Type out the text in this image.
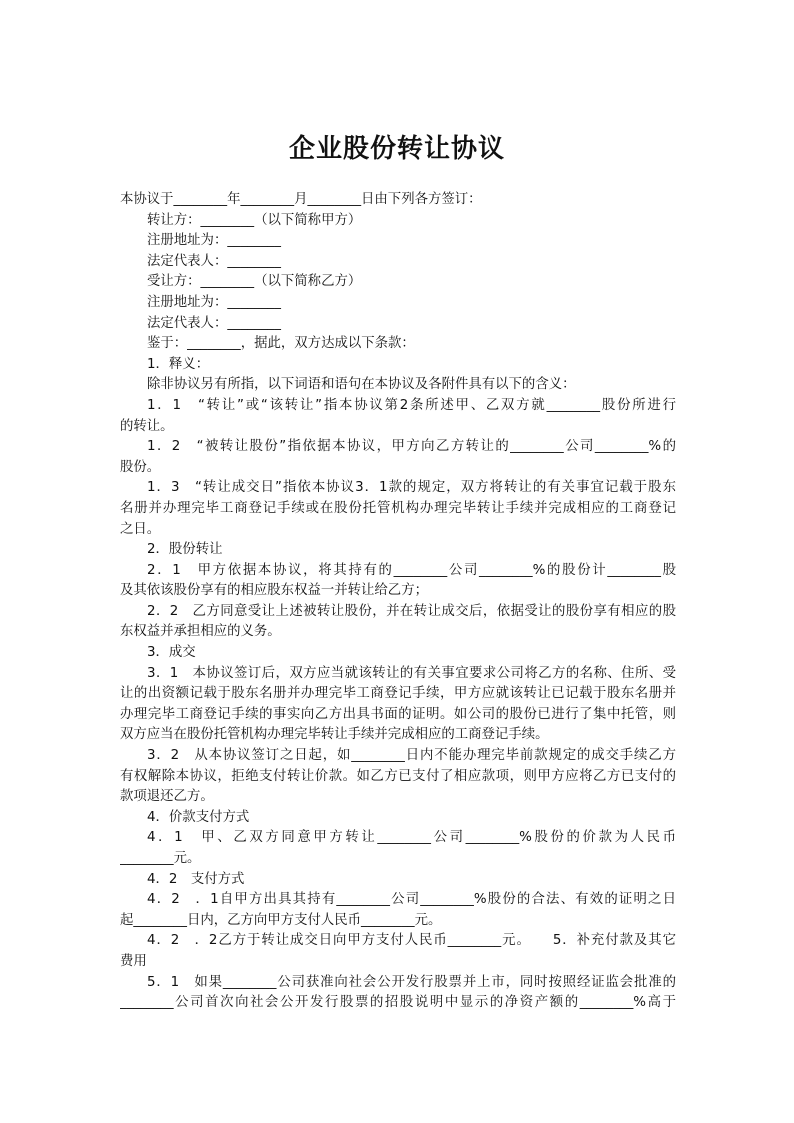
企业股份转让协议
本协议于________年________月________日由下列各方签订：
转让方：________（以下简称甲方）
注册地址为：________
法定代表人：________
受让方：________（以下简称乙方）
注册地址为：________
法定代表人：________
鉴于：________，据此，双方达成以下条款：
1．释义：
除非协议另有所指，以下词语和语句在本协议及各附件具有以下的含义：
1．1　“转让”或“该转让”指本协议第2条所述甲、乙双方就________股份所进行
的转让。
1．2　“被转让股份”指依据本协议，甲方向乙方转让的________公司________%的
股份。
1．3　“转让成交日”指依本协议3．1款的规定，双方将转让的有关事宜记载于股东
名册并办理完毕工商登记手续或在股份托管机构办理完毕转让手续并完成相应的工商登记
之日。
2．股份转让
2．1　甲方依据本协议，将其持有的________公司________%的股份计________股
及其依该股份享有的相应股东权益一并转让给乙方；
2．2　乙方同意受让上述被转让股份，并在转让成交后，依据受让的股份享有相应的股
东权益并承担相应的义务。
3．成交
3．1　本协议签订后，双方应当就该转让的有关事宜要求公司将乙方的名称、住所、受
让的出资额记载于股东名册并办理完毕工商登记手续，甲方应就该转让已记载于股东名册并
办理完毕工商登记手续的事实向乙方出具书面的证明。如公司的股份已进行了集中托管，则
双方应当在股份托管机构办理完毕转让手续并完成相应的工商登记手续。
3．2　从本协议签订之日起，如________日内不能办理完毕前款规定的成交手续乙方
有权解除本协议，拒绝支付转让价款。如乙方已支付了相应款项，则甲方应将乙方已支付的
款项退还乙方。
4．价款支付方式
4．1　甲、乙双方同意甲方转让________公司________%股份的价款为人民币
________元。
4．2　支付方式
4．2　．1自甲方出具其持有________公司________%股份的合法、有效的证明之日
起________日内，乙方向甲方支付人民币________元。
4．2　．2乙方于转让成交日向甲方支付人民币________元。　　5．补充付款及其它
费用
5．1　如果________公司获准向社会公开发行股票并上市，同时按照经证监会批准的
________公司首次向社会公开发行股票的招股说明中显示的净资产额的________%高于
